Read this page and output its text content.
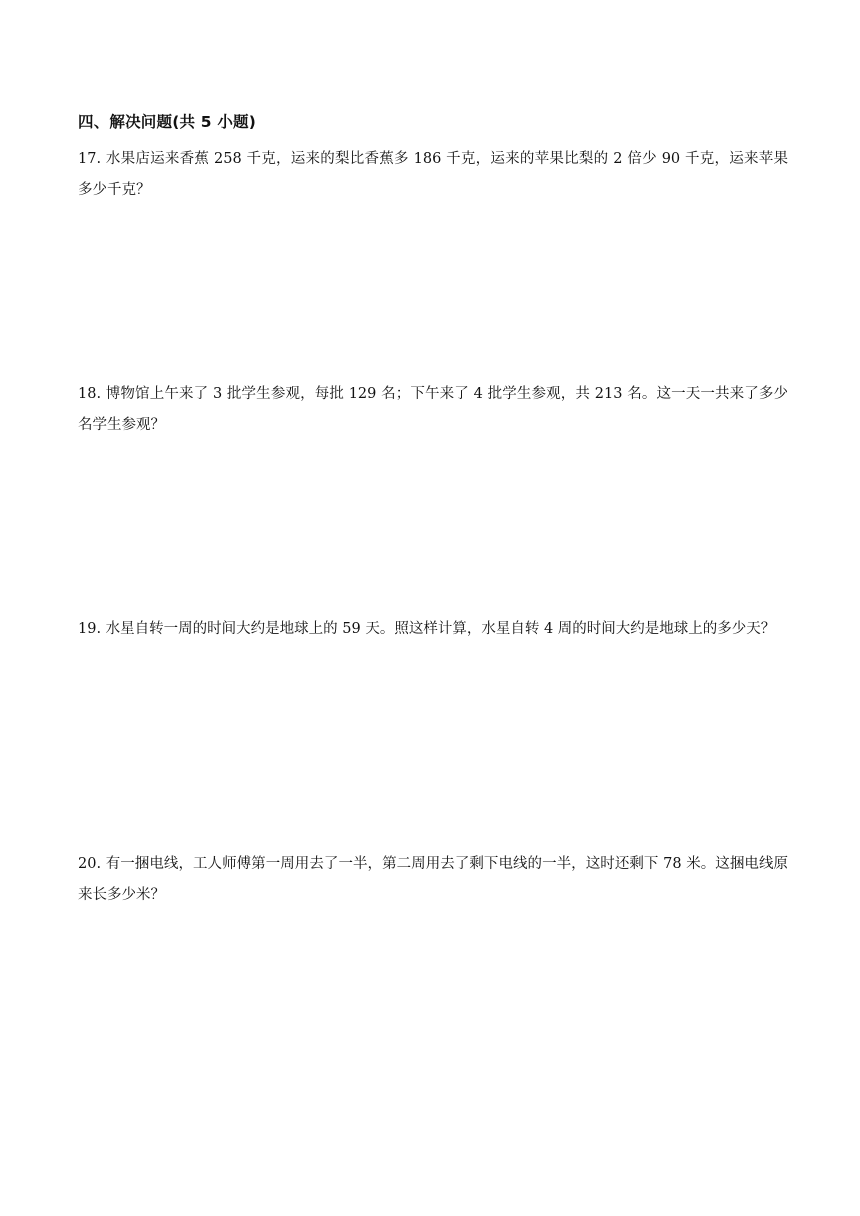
四、解决问题(共 5 小题)
17. 水果店运来香蕉 258 千克，运来的梨比香蕉多 186 千克，运来的苹果比梨的 2 倍少 90 千克，运来苹果多少千克？
18. 博物馆上午来了 3 批学生参观，每批 129 名；下午来了 4 批学生参观，共 213 名。这一天一共来了多少名学生参观？
19. 水星自转一周的时间大约是地球上的 59 天。照这样计算，水星自转 4 周的时间大约是地球上的多少天？
20. 有一捆电线，工人师傅第一周用去了一半，第二周用去了剩下电线的一半，这时还剩下 78 米。这捆电线原来长多少米？
